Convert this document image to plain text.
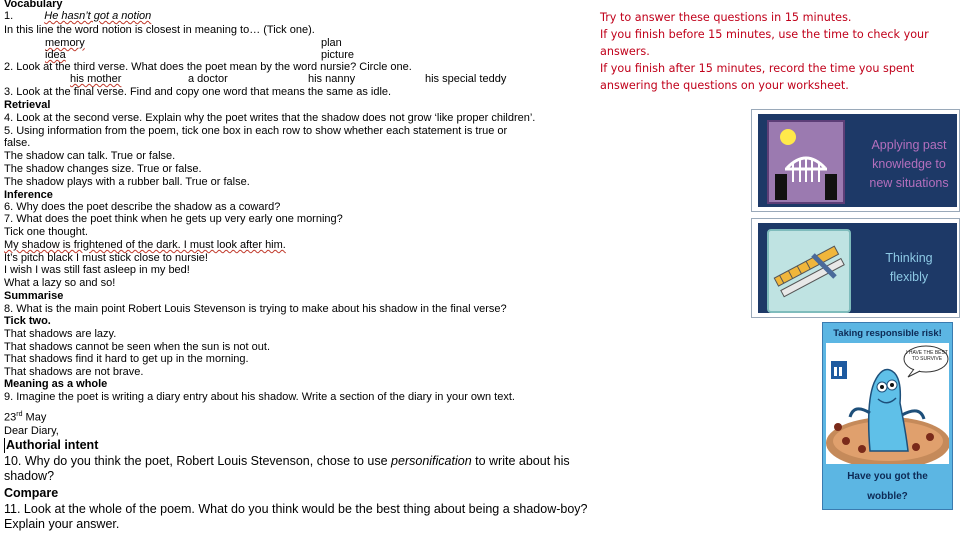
Vocabulary
1.	He hasn’t got a notion
In this line the word notion is closest in meaning to… (Tick one).
memory	plan
idea	picture
2. Look at the third verse. What does the poet mean by the word nursie? Circle one.
his mother	a doctor	his nanny	his special teddy
3. Look at the final verse. Find and copy one word that means the same as idle.
Retrieval
4. Look at the second verse. Explain why the poet writes that the shadow does not grow ‘like proper children’.
5. Using information from the poem, tick one box in each row to show whether each statement is true or
false.
The shadow can talk. True or false.
The shadow changes size. True or false.
The shadow plays with a rubber ball. True or false.
Inference
6. Why does the poet describe the shadow as a coward?
7. What does the poet think when he gets up very early one morning?
Tick one thought.
My shadow is frightened of the dark. I must look after him.
It’s pitch black I must stick close to nursie!
I wish I was still fast asleep in my bed!
What a lazy so and so!
Summarise
8. What is the main point Robert Louis Stevenson is trying to make about his shadow in the final verse?
Tick two.
That shadows are lazy.
That shadows cannot be seen when the sun is not out.
That shadows find it hard to get up in the morning.
That shadows are not brave.
Meaning as a whole
9. Imagine the poet is writing a diary entry about his shadow. Write a section of the diary in your own text.
23rd May
Dear Diary,
Authorial intent
10. Why do you think the poet, Robert Louis Stevenson, chose to use personification to write about his
shadow?
Compare
11. Look at the whole of the poem. What do you think would be the best thing about being a shadow-boy?
Explain your answer.
Try to answer these questions in 15 minutes.
If you finish before 15 minutes, use the time to check your
answers.
If you finish after 15 minutes, record the time you spent
answering the questions on your worksheet.
Applying past
knowledge to
new situations
Thinking
flexibly
Taking responsible risk!
I HAVE THE BEST TO SURVIVE
Have you got the
wobble?
